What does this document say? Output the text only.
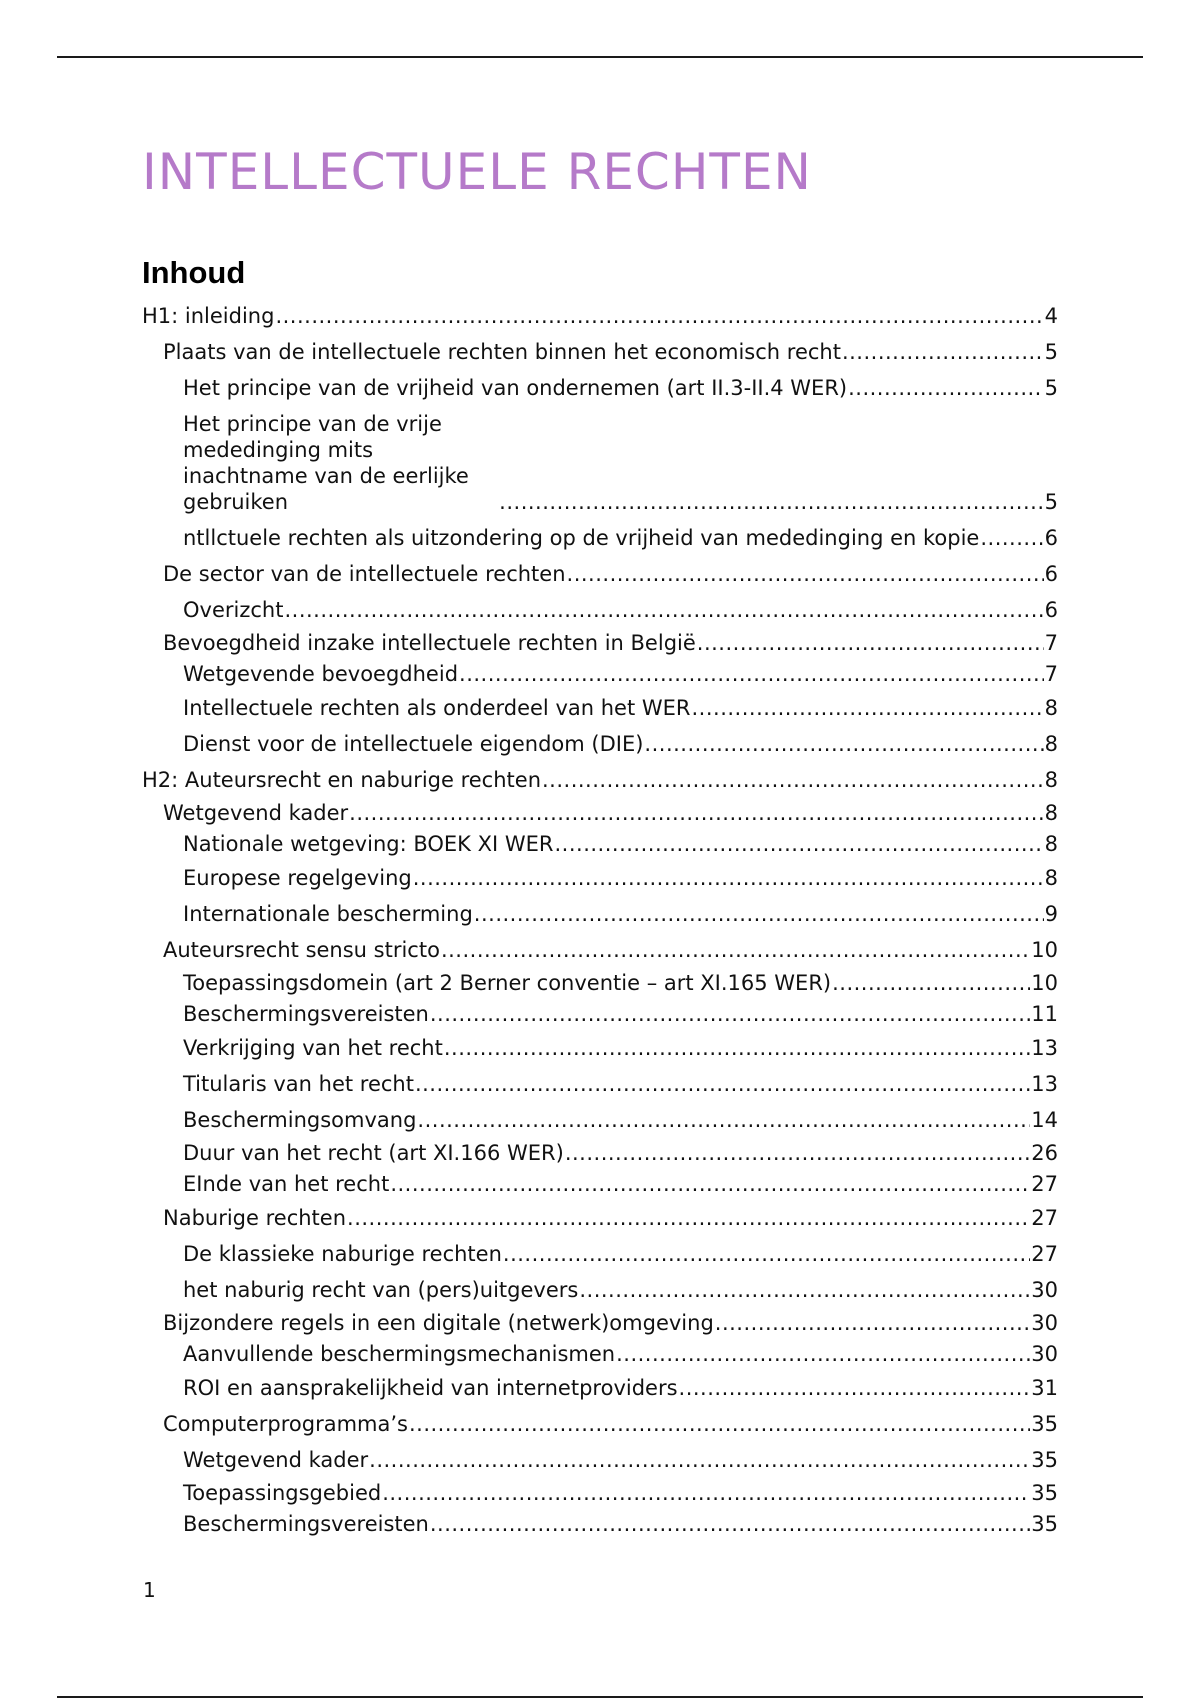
INTELLECTUELE RECHTEN
Inhoud
H1: inleiding .....	4
Plaats van de intellectuele rechten binnen het economisch recht .....	5
Het principe van de vrijheid van ondernemen (art II.3-II.4 WER) .....	5
Het principe van de vrije mededinging mits inachtname van de eerlijke gebruiken .....	5
ntllctuele rechten als uitzondering op de vrijheid van mededinging en kopie .....	6
De sector van de intellectuele rechten .....	6
Overizcht .....	6
Bevoegdheid inzake intellectuele rechten in België .....	7
Wetgevende bevoegdheid .....	7
Intellectuele rechten als onderdeel van het WER .....	8
Dienst voor de intellectuele eigendom (DIE) .....	8
H2: Auteursrecht en naburige rechten .....	8
Wetgevend kader .....	8
Nationale wetgeving: BOEK XI WER .....	8
Europese regelgeving .....	8
Internationale bescherming .....	9
Auteursrecht sensu stricto .....	10
Toepassingsdomein (art 2 Berner conventie – art XI.165 WER) .....	10
Beschermingsvereisten .....	11
Verkrijging van het recht .....	13
Titularis van het recht .....	13
Beschermingsomvang .....	14
Duur van het recht (art XI.166 WER) .....	26
EInde van het recht .....	27
Naburige rechten .....	27
De klassieke naburige rechten .....	27
het naburig recht van (pers)uitgevers .....	30
Bijzondere regels in een digitale (netwerk)omgeving .....	30
Aanvullende beschermingsmechanismen .....	30
ROI en aansprakelijkheid van internetproviders .....	31
Computerprogramma’s .....	35
Wetgevend kader .....	35
Toepassingsgebied .....	35
Beschermingsvereisten .....	35
1
